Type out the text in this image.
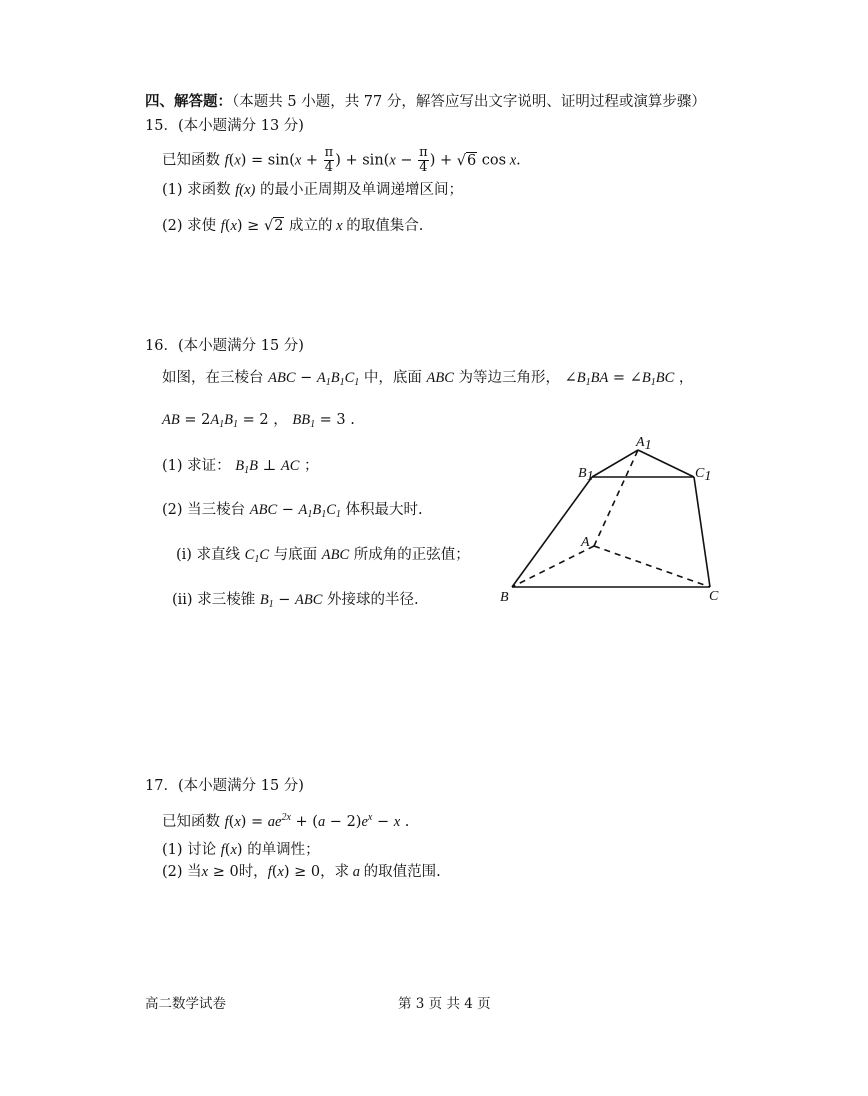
四、解答题：（本题共 5 小题，共 77 分，解答应写出文字说明、证明过程或演算步骤）
15．(本小题满分 13 分)
已知函数 $f(x) = \sin(x + \frac{\pi}{4}$ ) + $\sin(x - \frac{\pi}{4}$ ) + √6 cos x.
(1) 求函数 f(x) 的最小正周期及单调递增区间；
(2) 求使 f(x) ≥ √2 成立的 x 的取值集合.
16．(本小题满分 15 分)
如图，在三棱台 ABC − $A_1B_1C_1$ 中，底面 ABC 为等边三角形， $\angle B_1BA$ = $\angle B_1BC$ ，
AB = $2A_1B_1 = 2$ ， $BB_1 = 3$ .
(1) 求证： $B_1B$ ⊥ AC ；
(2) 当三棱台 ABC − $A_1B_1C_1$ 体积最大时.
(i) 求直线 $C_1C$ 与底面 ABC 所成角的正弦值；
(ii) 求三棱锥 $B_1$ − ABC 外接球的半径.
A1
B1	C1
A
B	C
17．(本小题满分 15 分)
已知函数 $f(x) = ae^{2x} + (a - 2)e^x - x$ .
(1) 讨论 f(x) 的单调性；
(2) 当x ≥ 0时，f(x) ≥ 0，求 a 的取值范围.
高二数学试卷	第 3 页 共 4 页
